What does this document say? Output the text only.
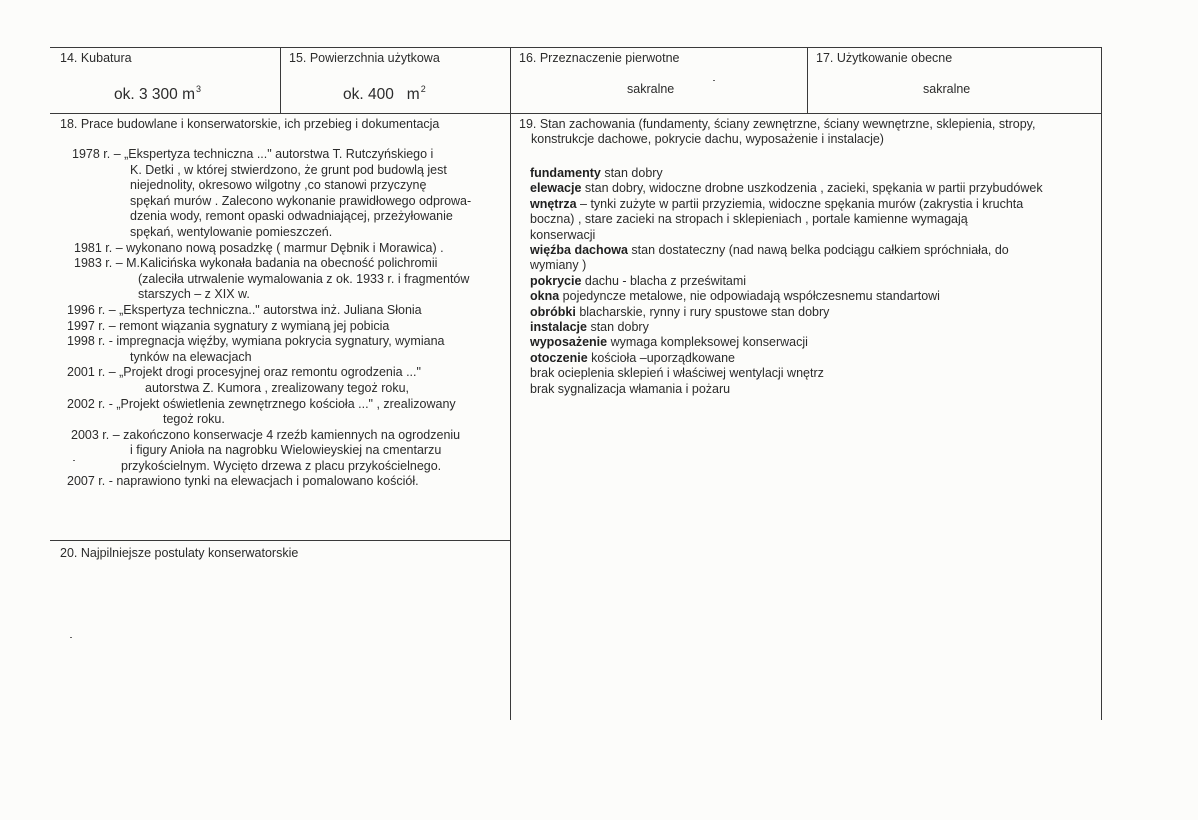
14. Kubatura
ok. 3 300 $m^3$
15. Powierzchnia użytkowa
ok. 400   $m^2$
16. Przeznaczenie pierwotne
sakralne
17. Użytkowanie obecne
sakralne
18. Prace budowlane i konserwatorskie, ich przebieg i dokumentacja
1978 r. – „Ekspertyza techniczna ..." autorstwa T. Rutczyńskiego i
K. Detki , w której stwierdzono, że grunt pod budowlą jest
niejednolity, okresowo wilgotny ,co stanowi przyczynę
spękań murów . Zalecono wykonanie prawidłowego odprowa-
dzenia wody, remont opaski odwadniającej, przeżyłowanie
spękań, wentylowanie pomieszczeń.
1981 r. – wykonano nową posadzkę ( marmur Dębnik i Morawica) .
1983 r. – M.Kalicińska wykonała badania na obecność polichromii
(zaleciła utrwalenie wymalowania z ok. 1933 r. i fragmentów
starszych – z XIX w.
1996 r. – „Ekspertyza techniczna.." autorstwa inż. Juliana Słonia
1997 r. – remont wiązania sygnatury z wymianą jej pobicia
1998 r. - impregnacja więźby, wymiana pokrycia sygnatury, wymiana
tynków na elewacjach
2001 r. – „Projekt drogi procesyjnej oraz remontu ogrodzenia ..."
autorstwa Z. Kumora , zrealizowany tegoż roku,
2002 r. - „Projekt oświetlenia zewnętrznego kościoła ..." , zrealizowany
tegoż roku.
2003 r. – zakończono konserwacje 4 rzeźb kamiennych na ogrodzeniu
i figury Anioła na nagrobku Wielowieyskiej na cmentarzu
przykościelnym. Wycięto drzewa z placu przykościelnego.
2007 r. - naprawiono tynki na elewacjach i pomalowano kościół.
19. Stan zachowania (fundamenty, ściany zewnętrzne, ściany wewnętrzne, sklepienia, stropy,
konstrukcje dachowe, pokrycie dachu, wyposażenie i instalacje)
fundamenty stan dobry
elewacje stan dobry, widoczne drobne uszkodzenia , zacieki, spękania w partii przybudówek
wnętrza – tynki zużyte w partii przyziemia, widoczne spękania murów (zakrystia i kruchta
boczna) , stare zacieki na stropach i sklepieniach , portale kamienne wymagają
konserwacji
więźba dachowa stan dostateczny (nad nawą belka podciągu całkiem spróchniała, do
wymiany )
pokrycie dachu - blacha z prześwitami
okna pojedyncze metalowe, nie odpowiadają współczesnemu standartowi
obróbki blacharskie, rynny i rury spustowe stan dobry
instalacje stan dobry
wyposażenie wymaga kompleksowej konserwacji
otoczenie kościoła –uporządkowane
brak ocieplenia sklepień i właściwej wentylacji wnętrz
brak sygnalizacja włamania i pożaru
20. Najpilniejsze postulaty konserwatorskie
